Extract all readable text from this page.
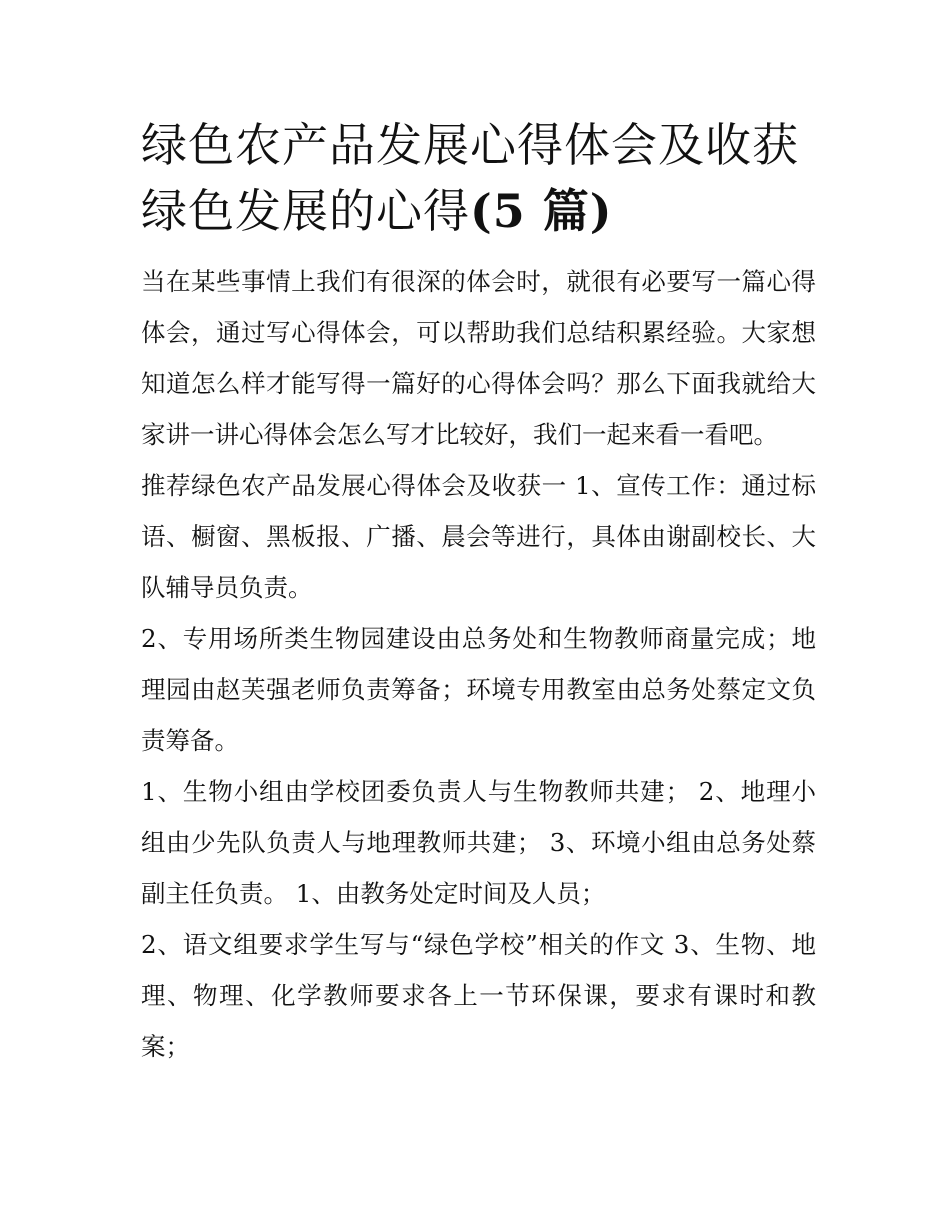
绿色农产品发展心得体会及收获 绿色发展的心得(5 篇)

当在某些事情上我们有很深的体会时，就很有必要写一篇心得体会，通过写心得体会，可以帮助我们总结积累经验。大家想知道怎么样才能写得一篇好的心得体会吗？那么下面我就给大家讲一讲心得体会怎么写才比较好，我们一起来看一看吧。

推荐绿色农产品发展心得体会及收获一 1、宣传工作：通过标语、橱窗、黑板报、广播、晨会等进行，具体由谢副校长、大队辅导员负责。

2、专用场所类生物园建设由总务处和生物教师商量完成；地理园由赵芙强老师负责筹备；环境专用教室由总务处蔡定文负责筹备。

1、生物小组由学校团委负责人与生物教师共建； 2、地理小组由少先队负责人与地理教师共建； 3、环境小组由总务处蔡副主任负责。 1、由教务处定时间及人员；

2、语文组要求学生写与“绿色学校”相关的作文 3、生物、地理、物理、化学教师要求各上一节环保课，要求有课时和教案；
